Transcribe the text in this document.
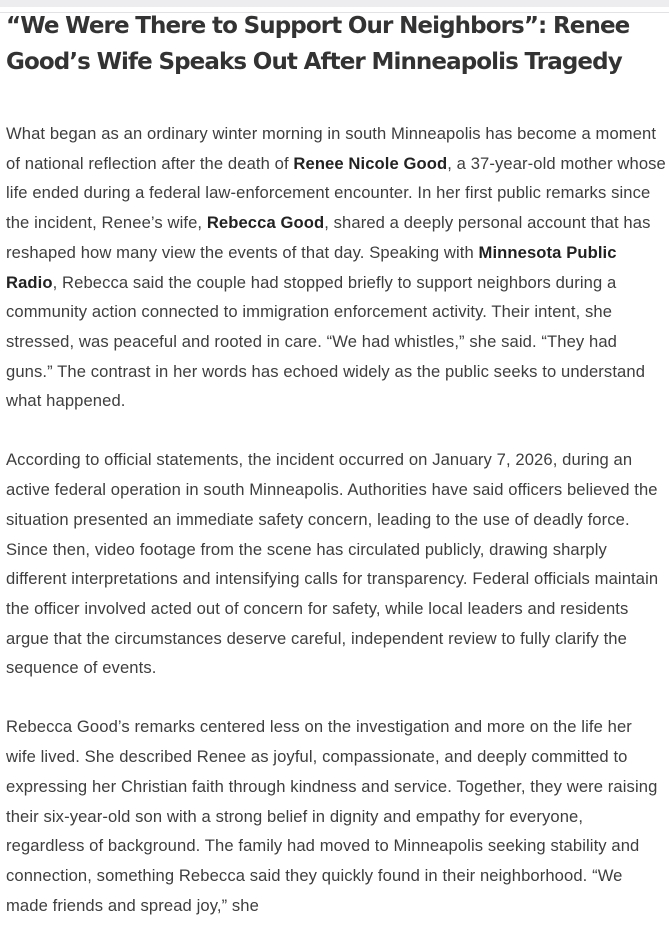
“We Were There to Support Our Neighbors”: Renee Good’s Wife Speaks Out After Minneapolis Tragedy

What began as an ordinary winter morning in south Minneapolis has become a moment of national reflection after the death of Renee Nicole Good, a 37-year-old mother whose life ended during a federal law-enforcement encounter. In her first public remarks since the incident, Renee’s wife, Rebecca Good, shared a deeply personal account that has reshaped how many view the events of that day. Speaking with Minnesota Public Radio, Rebecca said the couple had stopped briefly to support neighbors during a community action connected to immigration enforcement activity. Their intent, she stressed, was peaceful and rooted in care. “We had whistles,” she said. “They had guns.” The contrast in her words has echoed widely as the public seeks to understand what happened.

According to official statements, the incident occurred on January 7, 2026, during an active federal operation in south Minneapolis. Authorities have said officers believed the situation presented an immediate safety concern, leading to the use of deadly force. Since then, video footage from the scene has circulated publicly, drawing sharply different interpretations and intensifying calls for transparency. Federal officials maintain the officer involved acted out of concern for safety, while local leaders and residents argue that the circumstances deserve careful, independent review to fully clarify the sequence of events.

Rebecca Good’s remarks centered less on the investigation and more on the life her wife lived. She described Renee as joyful, compassionate, and deeply committed to expressing her Christian faith through kindness and service. Together, they were raising their six-year-old son with a strong belief in dignity and empathy for everyone, regardless of background. The family had moved to Minneapolis seeking stability and connection, something Rebecca said they quickly found in their neighborhood. “We made friends and spread joy,” she
